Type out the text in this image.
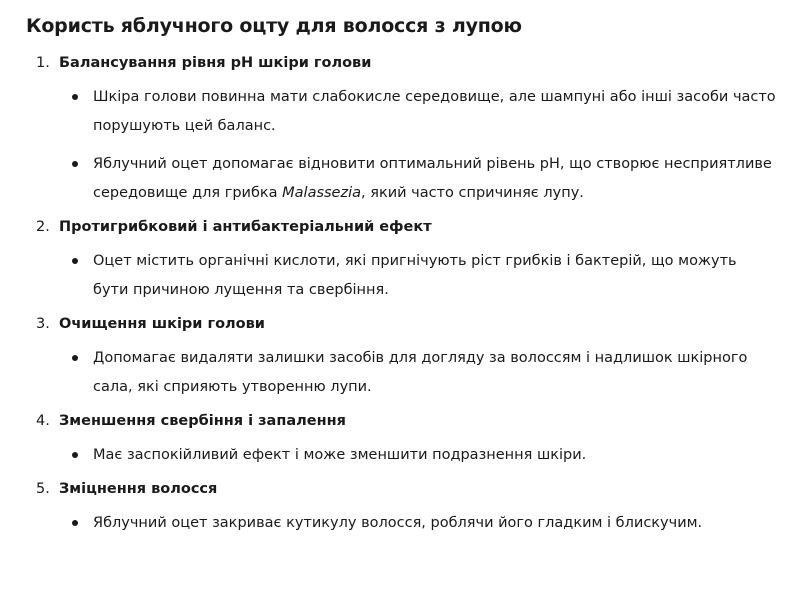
Користь яблучного оцту для волосся з лупою
1. Балансування рівня pH шкіри голови
Шкіра голови повинна мати слабокисле середовище, але шампуні або інші засоби часто порушують цей баланс.
Яблучний оцет допомагає відновити оптимальний рівень pH, що створює несприятливе середовище для грибка Malassezia, який часто спричиняє лупу.
2. Протигрибковий і антибактеріальний ефект
Оцет містить органічні кислоти, які пригнічують ріст грибків і бактерій, що можуть бути причиною лущення та свербіння.
3. Очищення шкіри голови
Допомагає видаляти залишки засобів для догляду за волоссям і надлишок шкірного сала, які сприяють утворенню лупи.
4. Зменшення свербіння і запалення
Має заспокійливий ефект і може зменшити подразнення шкіри.
5. Зміцнення волосся
Яблучний оцет закриває кутикулу волосся, роблячи його гладким і блискучим.
